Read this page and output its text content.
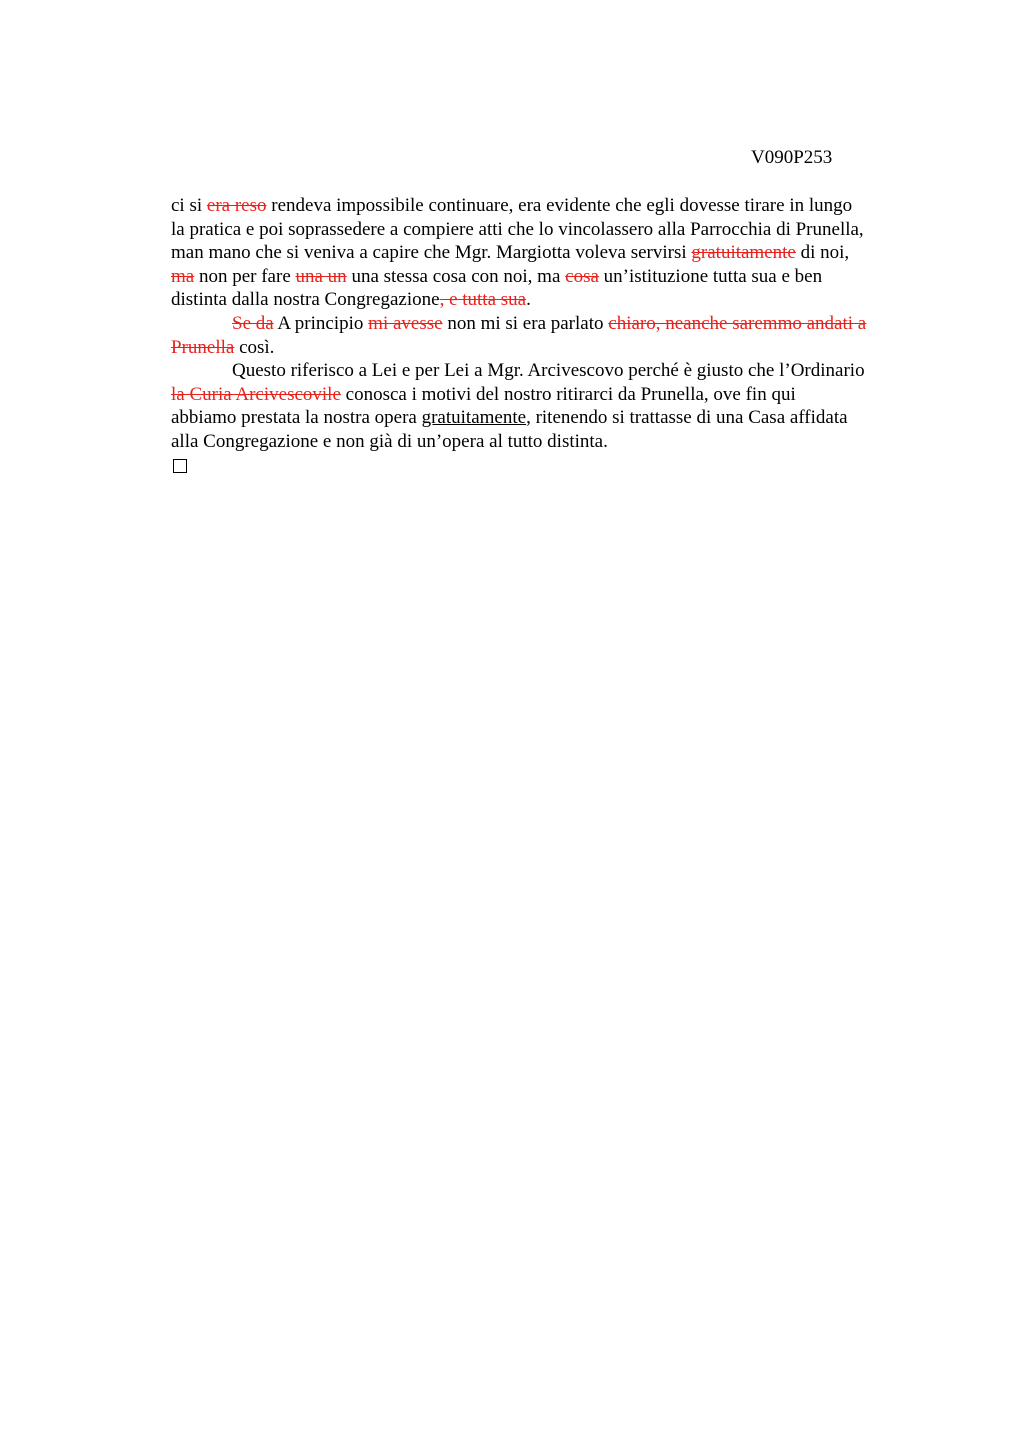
V090P253
ci si era reso rendeva impossibile continuare, era evidente che egli dovesse tirare in lungo
la pratica e poi soprassedere a compiere atti che lo vincolassero alla Parrocchia di Prunella,
man mano che si veniva a capire che Mgr. Margiotta voleva servirsi gratuitamente di noi,
ma non per fare una un una stessa cosa con noi, ma cosa un’istituzione tutta sua e ben
distinta dalla nostra Congregazione, e tutta sua.
Se da A principio mi avesse non mi si era parlato chiaro, neanche saremmo andati a
Prunella così.
Questo riferisco a Lei e per Lei a Mgr. Arcivescovo perché è giusto che l’Ordinario
la Curia Arcivescovile conosca i motivi del nostro ritirarci da Prunella, ove fin qui
abbiamo prestata la nostra opera gratuitamente, ritenendo si trattasse di una Casa affidata
alla Congregazione e non già di un’opera al tutto distinta.
